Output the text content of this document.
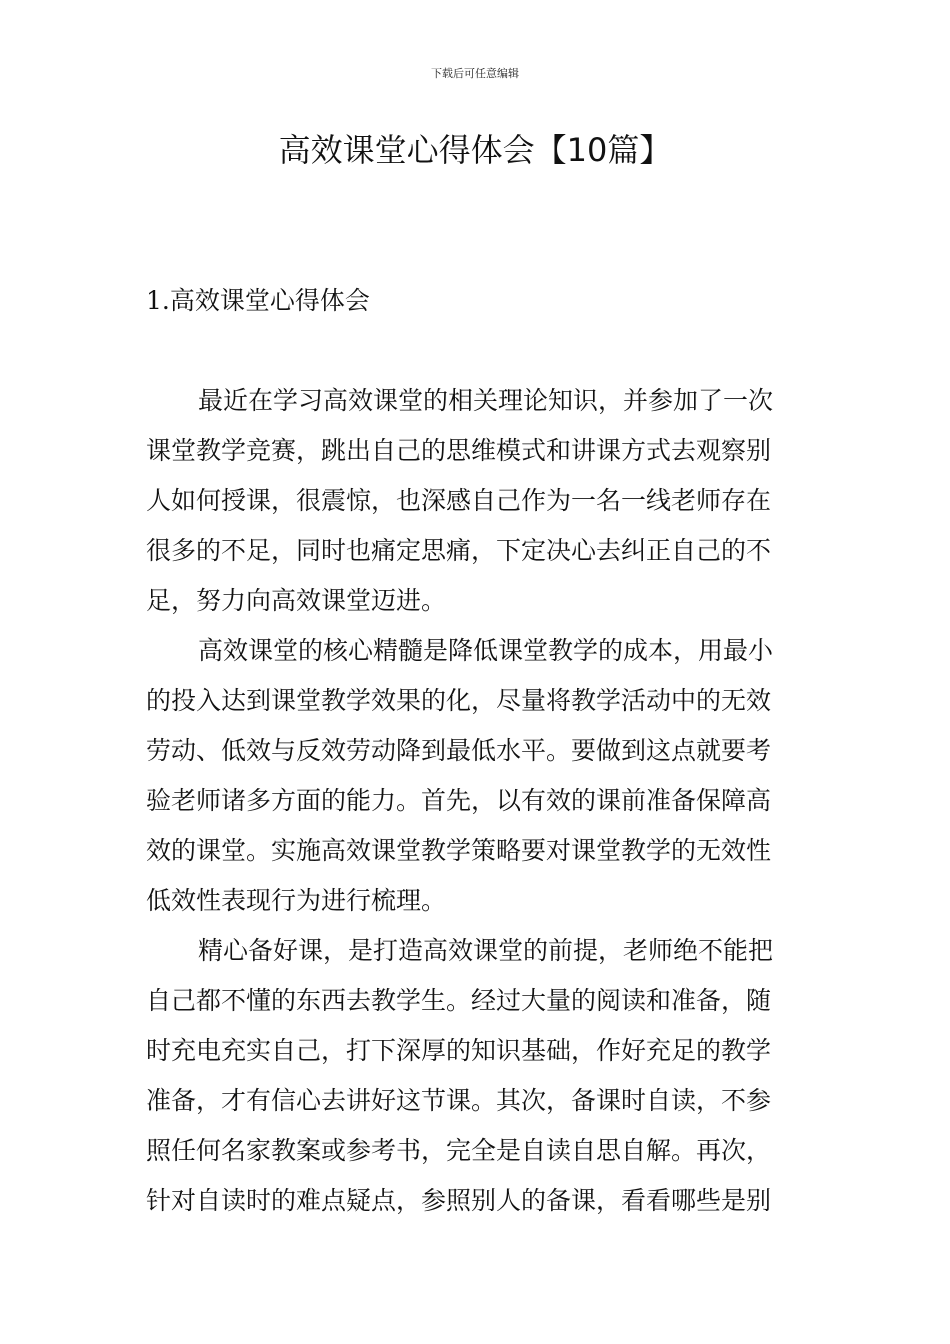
下载后可任意编辑
高效课堂心得体会【10篇】
1.高效课堂心得体会

最近在学习高效课堂的相关理论知识，并参加了一次
课堂教学竞赛，跳出自己的思维模式和讲课方式去观察别
人如何授课，很震惊，也深感自己作为一名一线老师存在
很多的不足，同时也痛定思痛，下定决心去纠正自己的不
足，努力向高效课堂迈进。

高效课堂的核心精髓是降低课堂教学的成本，用最小
的投入达到课堂教学效果的化，尽量将教学活动中的无效
劳动、低效与反效劳动降到最低水平。要做到这点就要考
验老师诸多方面的能力。首先，以有效的课前准备保障高
效的课堂。实施高效课堂教学策略要对课堂教学的无效性
低效性表现行为进行梳理。

精心备好课，是打造高效课堂的前提，老师绝不能把
自己都不懂的东西去教学生。经过大量的阅读和准备，随
时充电充实自己，打下深厚的知识基础，作好充足的教学
准备，才有信心去讲好这节课。其次，备课时自读，不参
照任何名家教案或参考书，完全是自读自思自解。再次，
针对自读时的难点疑点，参照别人的备课，看看哪些是别
